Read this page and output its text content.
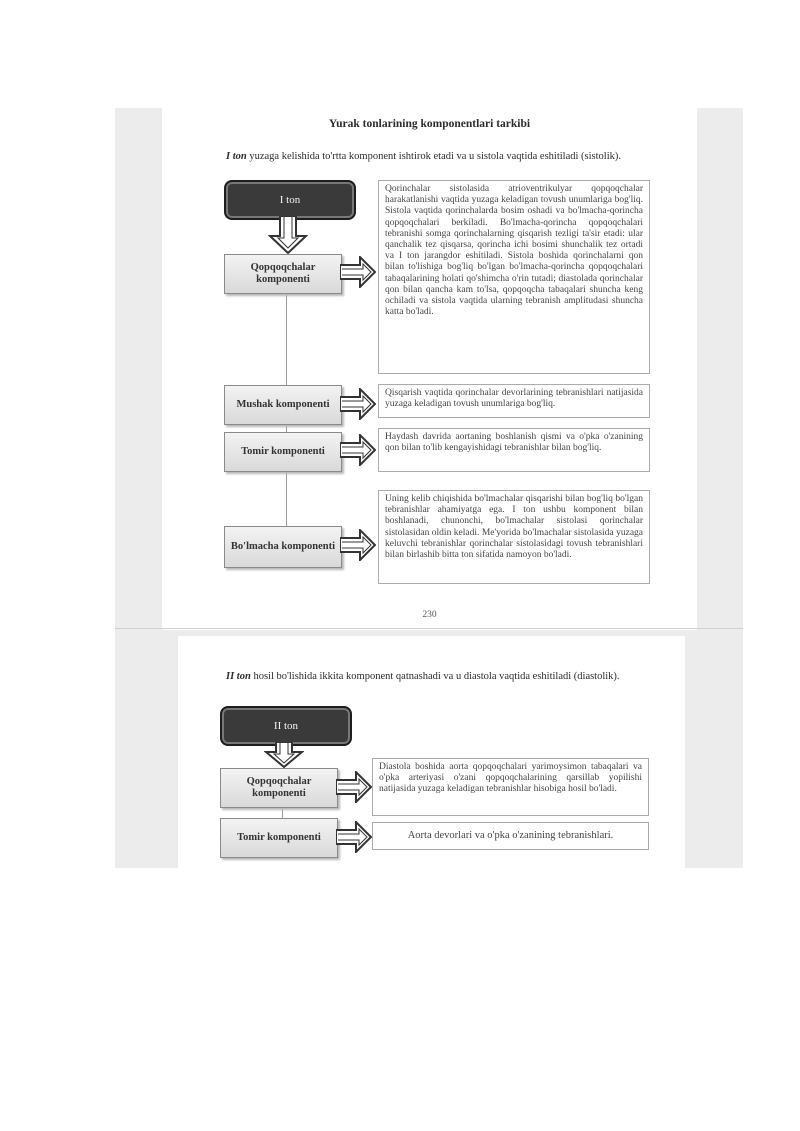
Yurak tonlarining komponentlari tarkibi
I ton yuzaga kelishida to'rtta komponent ishtirok etadi va u sistola vaqtida eshitiladi (sistolik).
I ton
Qopqoqchalar komponenti
Qorinchalar sistolasida atrioventrikulyar qopqoqchalar harakatlanishi vaqtida yuzaga keladigan tovush unumlariga bog'liq. Sistola vaqtida qorinchalarda bosim oshadi va bo'lmacha-qorincha qopqoqchalari berkiladi. Bo'lmacha-qorincha qopqoqchalari tebranishi somga qorinchalarning qisqarish tezligi ta'sir etadi: ular qanchalik tez qisqarsa, qorincha ichi bosimi shunchalik tez ortadi va I ton jarangdor eshitiladi. Sistola boshida qorinchalarni qon bilan to'lishiga bog'liq bo'lgan bo'lmacha-qorincha qopqoqchalari tabaqalarining holati qo'shimcha o'rin tutadi; diastolada qorinchalar qon bilan qancha kam to'lsa, qopqoqcha tabaqalari shuncha keng ochiladi va sistola vaqtida ularning tebranish amplitudasi shuncha katta bo'ladi.
Mushak komponenti
Qisqarish vaqtida qorinchalar devorlarining tebranishlari natijasida yuzaga keladigan tovush unumlariga bog'liq.
Tomir komponenti
Haydash davrida aortaning boshlanish qismi va o'pka o'zanining qon bilan to'lib kengayishidagi tebranishlar bilan bog'liq.
Bo'lmacha komponenti
Uning kelib chiqishida bo'lmachalar qisqarishi bilan bog'liq bo'lgan tebranishlar ahamiyatga ega. I ton ushbu komponent bilan boshlanadi, chunonchi, bo'lmachalar sistolasi qorinchalar sistolasidan oldin keladi. Me'yorida bo'lmachalar sistolasida yuzaga keluvchi tebranishlar qorinchalar sistolasidagi tovush tebranishlari bilan birlashib bitta ton sifatida namoyon bo'ladi.
230
II ton hosil bo'lishida ikkita komponent qatnashadi va u diastola vaqtida eshitiladi (diastolik).
II ton
Qopqoqchalar komponenti
Diastola boshida aorta qopqoqchalari yarimoysimon tabaqalari va o'pka arteriyasi o'zani qopqoqchalarining qarsillab yopilishi natijasida yuzaga keladigan tebranishlar hisobiga hosil bo'ladi.
Tomir komponenti	Aorta devorlari va o'pka o'zanining tebranishlari.
